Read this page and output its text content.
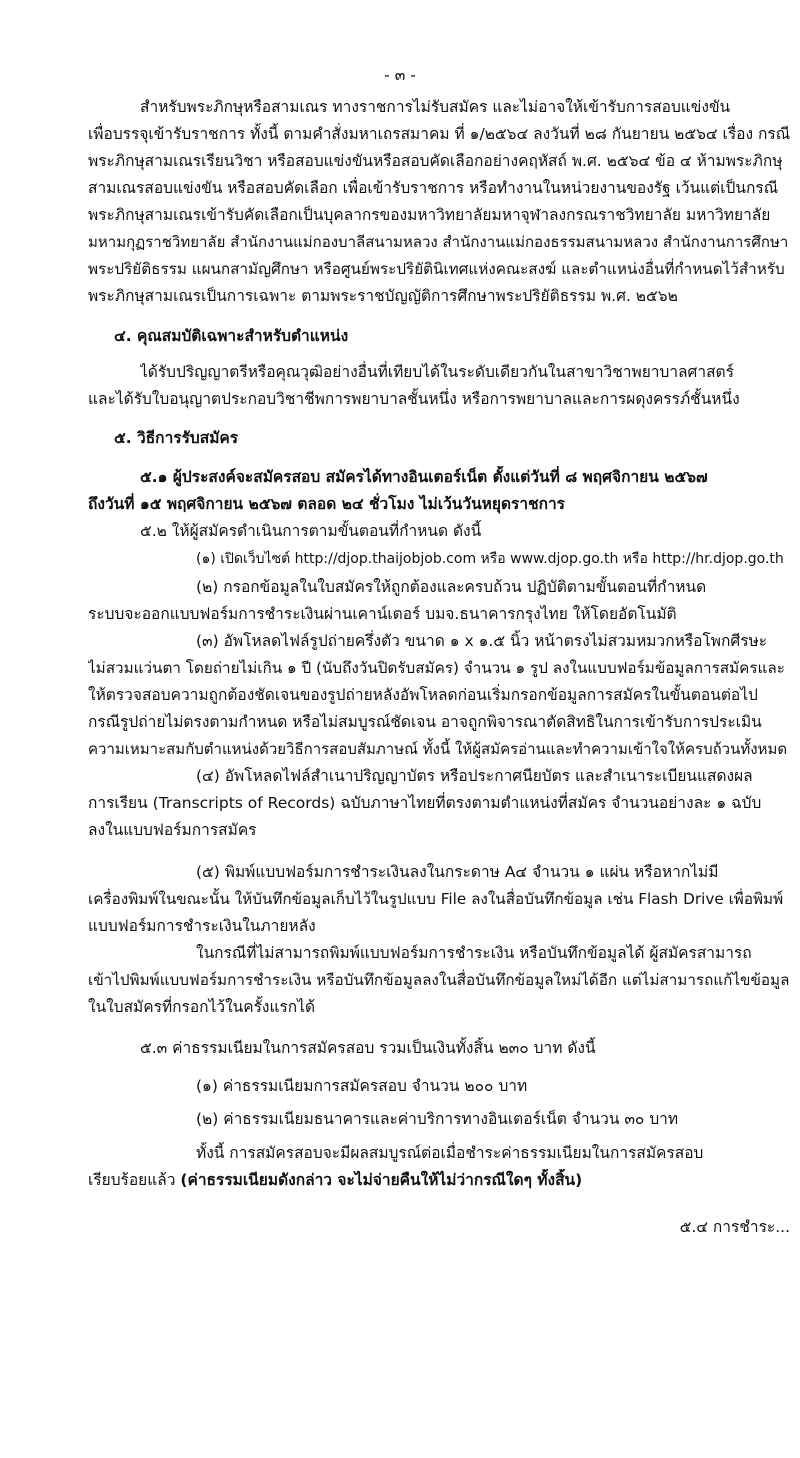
- ๓ -
สำหรับพระภิกษุหรือสามเณร ทางราชการไม่รับสมัคร และไม่อาจให้เข้ารับการสอบแข่งขัน
เพื่อบรรจุเข้ารับราชการ ทั้งนี้ ตามคำสั่งมหาเถรสมาคม ที่ ๑/๒๕๖๔ ลงวันที่ ๒๘ กันยายน ๒๕๖๔ เรื่อง กรณี
พระภิกษุสามเณรเรียนวิชา หรือสอบแข่งขันหรือสอบคัดเลือกอย่างคฤหัสถ์ พ.ศ. ๒๕๖๔ ข้อ ๔ ห้ามพระภิกษุ
สามเณรสอบแข่งขัน หรือสอบคัดเลือก เพื่อเข้ารับราชการ หรือทำงานในหน่วยงานของรัฐ เว้นแต่เป็นกรณี
พระภิกษุสามเณรเข้ารับคัดเลือกเป็นบุคลากรของมหาวิทยาลัยมหาจุฬาลงกรณราชวิทยาลัย มหาวิทยาลัย
มหามกุฏราชวิทยาลัย สำนักงานแม่กองบาลีสนามหลวง สำนักงานแม่กองธรรมสนามหลวง สำนักงานการศึกษา
พระปริยัติธรรม แผนกสามัญศึกษา หรือศูนย์พระปริยัตินิเทศแห่งคณะสงฆ์ และตำแหน่งอื่นที่กำหนดไว้สำหรับ
พระภิกษุสามเณรเป็นการเฉพาะ ตามพระราชบัญญัติการศึกษาพระปริยัติธรรม พ.ศ. ๒๕๖๒
๔. คุณสมบัติเฉพาะสำหรับตำแหน่ง
ได้รับปริญญาตรีหรือคุณวุฒิอย่างอื่นที่เทียบได้ในระดับเดียวกันในสาขาวิชาพยาบาลศาสตร์
และได้รับใบอนุญาตประกอบวิชาชีพการพยาบาลชั้นหนึ่ง หรือการพยาบาลและการผดุงครรภ์ชั้นหนึ่ง
๕. วิธีการรับสมัคร
๕.๑ ผู้ประสงค์จะสมัครสอบ สมัครได้ทางอินเตอร์เน็ต ตั้งแต่วันที่ ๘ พฤศจิกายน ๒๕๖๗
ถึงวันที่ ๑๕ พฤศจิกายน ๒๕๖๗ ตลอด ๒๔ ชั่วโมง ไม่เว้นวันหยุดราชการ
๕.๒ ให้ผู้สมัครดำเนินการตามขั้นตอนที่กำหนด ดังนี้
(๑) เปิดเว็บไซต์ http://djop.thaijobjob.com หรือ www.djop.go.th หรือ http://hr.djop.go.th
(๒) กรอกข้อมูลในใบสมัครให้ถูกต้องและครบถ้วน ปฏิบัติตามขั้นตอนที่กำหนด
ระบบจะออกแบบฟอร์มการชำระเงินผ่านเคาน์เตอร์ บมจ.ธนาคารกรุงไทย ให้โดยอัตโนมัติ
(๓) อัพโหลดไฟล์รูปถ่ายครึ่งตัว ขนาด ๑ x ๑.๕ นิ้ว หน้าตรงไม่สวมหมวกหรือโพกศีรษะ
ไม่สวมแว่นตา โดยถ่ายไม่เกิน ๑ ปี (นับถึงวันปิดรับสมัคร) จำนวน ๑ รูป ลงในแบบฟอร์มข้อมูลการสมัครและ
ให้ตรวจสอบความถูกต้องชัดเจนของรูปถ่ายหลังอัพโหลดก่อนเริ่มกรอกข้อมูลการสมัครในขั้นตอนต่อไป
กรณีรูปถ่ายไม่ตรงตามกำหนด หรือไม่สมบูรณ์ชัดเจน อาจถูกพิจารณาตัดสิทธิในการเข้ารับการประเมิน
ความเหมาะสมกับตำแหน่งด้วยวิธีการสอบสัมภาษณ์ ทั้งนี้ ให้ผู้สมัครอ่านและทำความเข้าใจให้ครบถ้วนทั้งหมด
(๔) อัพโหลดไฟล์สำเนาปริญญาบัตร หรือประกาศนียบัตร และสำเนาระเบียนแสดงผล
การเรียน (Transcripts of Records) ฉบับภาษาไทยที่ตรงตามตำแหน่งที่สมัคร จำนวนอย่างละ ๑ ฉบับ
ลงในแบบฟอร์มการสมัคร
(๕) พิมพ์แบบฟอร์มการชำระเงินลงในกระดาษ A๔ จำนวน ๑ แผ่น หรือหากไม่มี
เครื่องพิมพ์ในขณะนั้น ให้บันทึกข้อมูลเก็บไว้ในรูปแบบ File ลงในสื่อบันทึกข้อมูล เช่น Flash Drive เพื่อพิมพ์
แบบฟอร์มการชำระเงินในภายหลัง
ในกรณีที่ไม่สามารถพิมพ์แบบฟอร์มการชำระเงิน หรือบันทึกข้อมูลได้ ผู้สมัครสามารถ
เข้าไปพิมพ์แบบฟอร์มการชำระเงิน หรือบันทึกข้อมูลลงในสื่อบันทึกข้อมูลใหม่ได้อีก แต่ไม่สามารถแก้ไขข้อมูล
ในใบสมัครที่กรอกไว้ในครั้งแรกได้
๕.๓ ค่าธรรมเนียมในการสมัครสอบ รวมเป็นเงินทั้งสิ้น ๒๓๐ บาท ดังนี้
(๑) ค่าธรรมเนียมการสมัครสอบ จำนวน ๒๐๐ บาท
(๒) ค่าธรรมเนียมธนาคารและค่าบริการทางอินเตอร์เน็ต จำนวน ๓๐ บาท
ทั้งนี้ การสมัครสอบจะมีผลสมบูรณ์ต่อเมื่อชำระค่าธรรมเนียมในการสมัครสอบ
เรียบร้อยแล้ว (ค่าธรรมเนียมดังกล่าว จะไม่จ่ายคืนให้ไม่ว่ากรณีใดๆ ทั้งสิ้น)
๕.๔ การชำระ...
